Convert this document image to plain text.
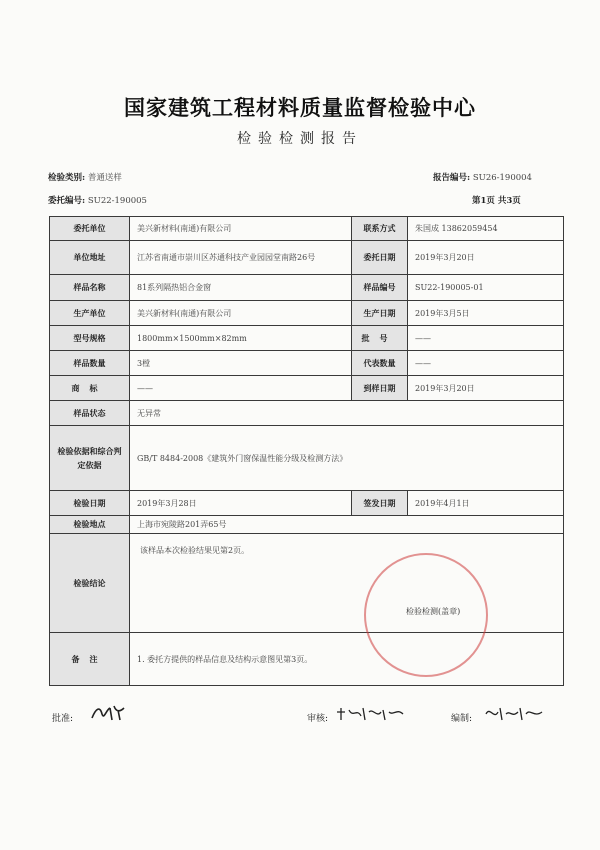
国家建筑工程材料质量监督检验中心
检验检测报告
检验类别: 普通送样	报告编号: SU26-190004
委托编号: SU22-190005	第1页 共3页
委托单位	美兴新材料(南通)有限公司	联系方式	朱国成 13862059454
单位地址	江苏省南通市崇川区苏通科技产业园园堂南路26号	委托日期	2019年3月20日
样品名称	81系列隔热铝合金窗	样品编号	SU22-190005-01
生产单位	美兴新材料(南通)有限公司	生产日期	2019年3月5日
型号规格	1800mm×1500mm×82mm	批号	——
样品数量	3樘	代表数量	——
商标	——	到样日期	2019年3月20日
样品状态	无异常		
检验依据和综合判定依据	GB/T 8484-2008《建筑外门窗保温性能分级及检测方法》		
检验日期	2019年3月28日	签发日期	2019年4月1日
检验地点	上海市宛陵路201弄65号		
检验结论	该样品本次检验结果见第2页。
检验检测(盖章)		

备注	1. 委托方提供的样品信息及结构示意图见第3页。		
批准:	审核:	编制:
